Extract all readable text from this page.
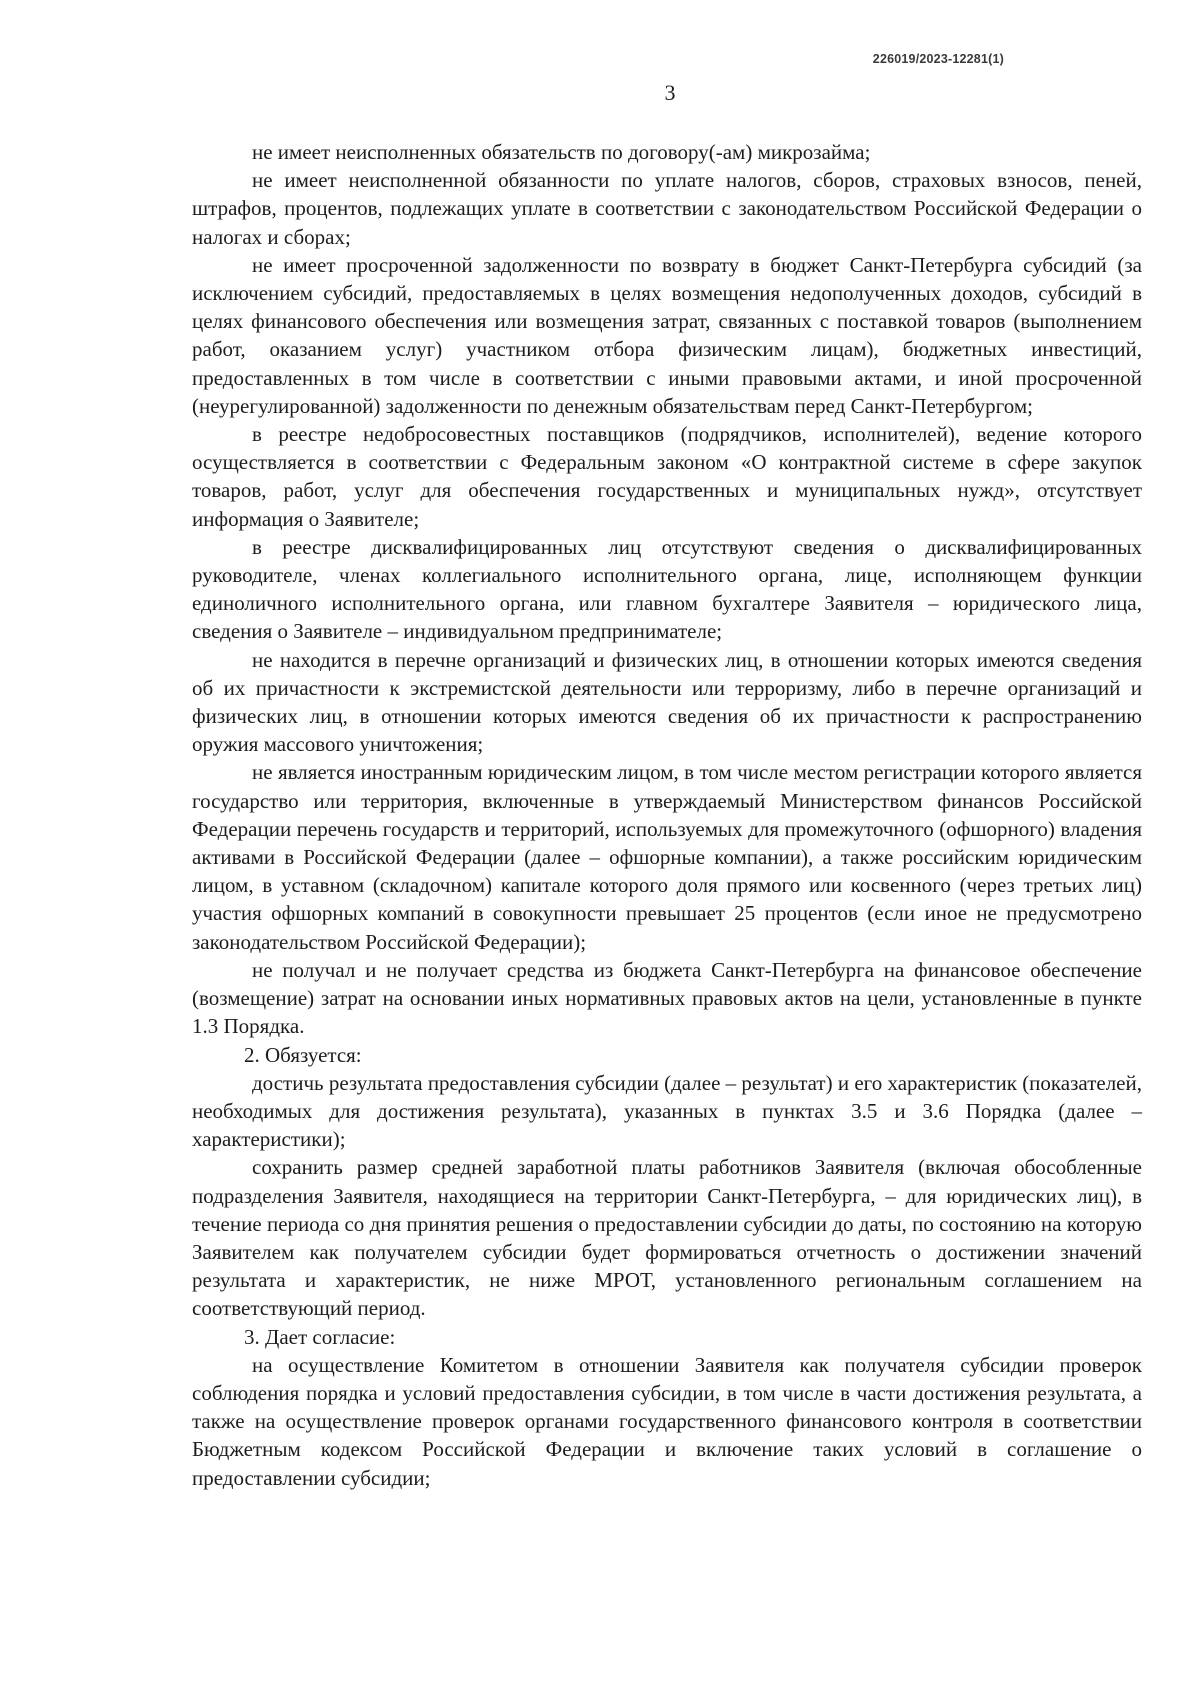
226019/2023-12281(1)
3

не имеет неисполненных обязательств по договору(-ам) микрозайма;

не имеет неисполненной обязанности по уплате налогов, сборов, страховых взносов, пеней, штрафов, процентов, подлежащих уплате в соответствии с законодательством Российской Федерации о налогах и сборах;

не имеет просроченной задолженности по возврату в бюджет Санкт-Петербурга субсидий (за исключением субсидий, предоставляемых в целях возмещения недополученных доходов, субсидий в целях финансового обеспечения или возмещения затрат, связанных с поставкой товаров (выполнением работ, оказанием услуг) участником отбора физическим лицам), бюджетных инвестиций, предоставленных в том числе в соответствии с иными правовыми актами, и иной просроченной (неурегулированной) задолженности по денежным обязательствам перед Санкт-Петербургом;

в реестре недобросовестных поставщиков (подрядчиков, исполнителей), ведение которого осуществляется в соответствии с Федеральным законом «О контрактной системе в сфере закупок товаров, работ, услуг для обеспечения государственных и муниципальных нужд», отсутствует информация о Заявителе;

в реестре дисквалифицированных лиц отсутствуют сведения о дисквалифицированных руководителе, членах коллегиального исполнительного органа, лице, исполняющем функции единоличного исполнительного органа, или главном бухгалтере Заявителя – юридического лица, сведения о Заявителе – индивидуальном предпринимателе;

не находится в перечне организаций и физических лиц, в отношении которых имеются сведения об их причастности к экстремистской деятельности или терроризму, либо в перечне организаций и физических лиц, в отношении которых имеются сведения об их причастности к распространению оружия массового уничтожения;

не является иностранным юридическим лицом, в том числе местом регистрации которого является государство или территория, включенные в утверждаемый Министерством финансов Российской Федерации перечень государств и территорий, используемых для промежуточного (офшорного) владения активами в Российской Федерации (далее – офшорные компании), а также российским юридическим лицом, в уставном (складочном) капитале которого доля прямого или косвенного (через третьих лиц) участия офшорных компаний в совокупности превышает 25 процентов (если иное не предусмотрено законодательством Российской Федерации);

не получал и не получает средства из бюджета Санкт-Петербурга на финансовое обеспечение (возмещение) затрат на основании иных нормативных правовых актов на цели, установленные в пункте 1.3 Порядка.

2. Обязуется:

достичь результата предоставления субсидии (далее – результат) и его характеристик (показателей, необходимых для достижения результата), указанных в пунктах 3.5 и 3.6 Порядка (далее – характеристики);

сохранить размер средней заработной платы работников Заявителя (включая обособленные подразделения Заявителя, находящиеся на территории Санкт-Петербурга, – для юридических лиц), в течение периода со дня принятия решения о предоставлении субсидии до даты, по состоянию на которую Заявителем как получателем субсидии будет формироваться отчетность о достижении значений результата и характеристик, не ниже МРОТ, установленного региональным соглашением на соответствующий период.

3. Дает согласие:

на осуществление Комитетом в отношении Заявителя как получателя субсидии проверок соблюдения порядка и условий предоставления субсидии, в том числе в части достижения результата, а также на осуществление проверок органами государственного финансового контроля в соответствии Бюджетным кодексом Российской Федерации и включение таких условий в соглашение о предоставлении субсидии;
